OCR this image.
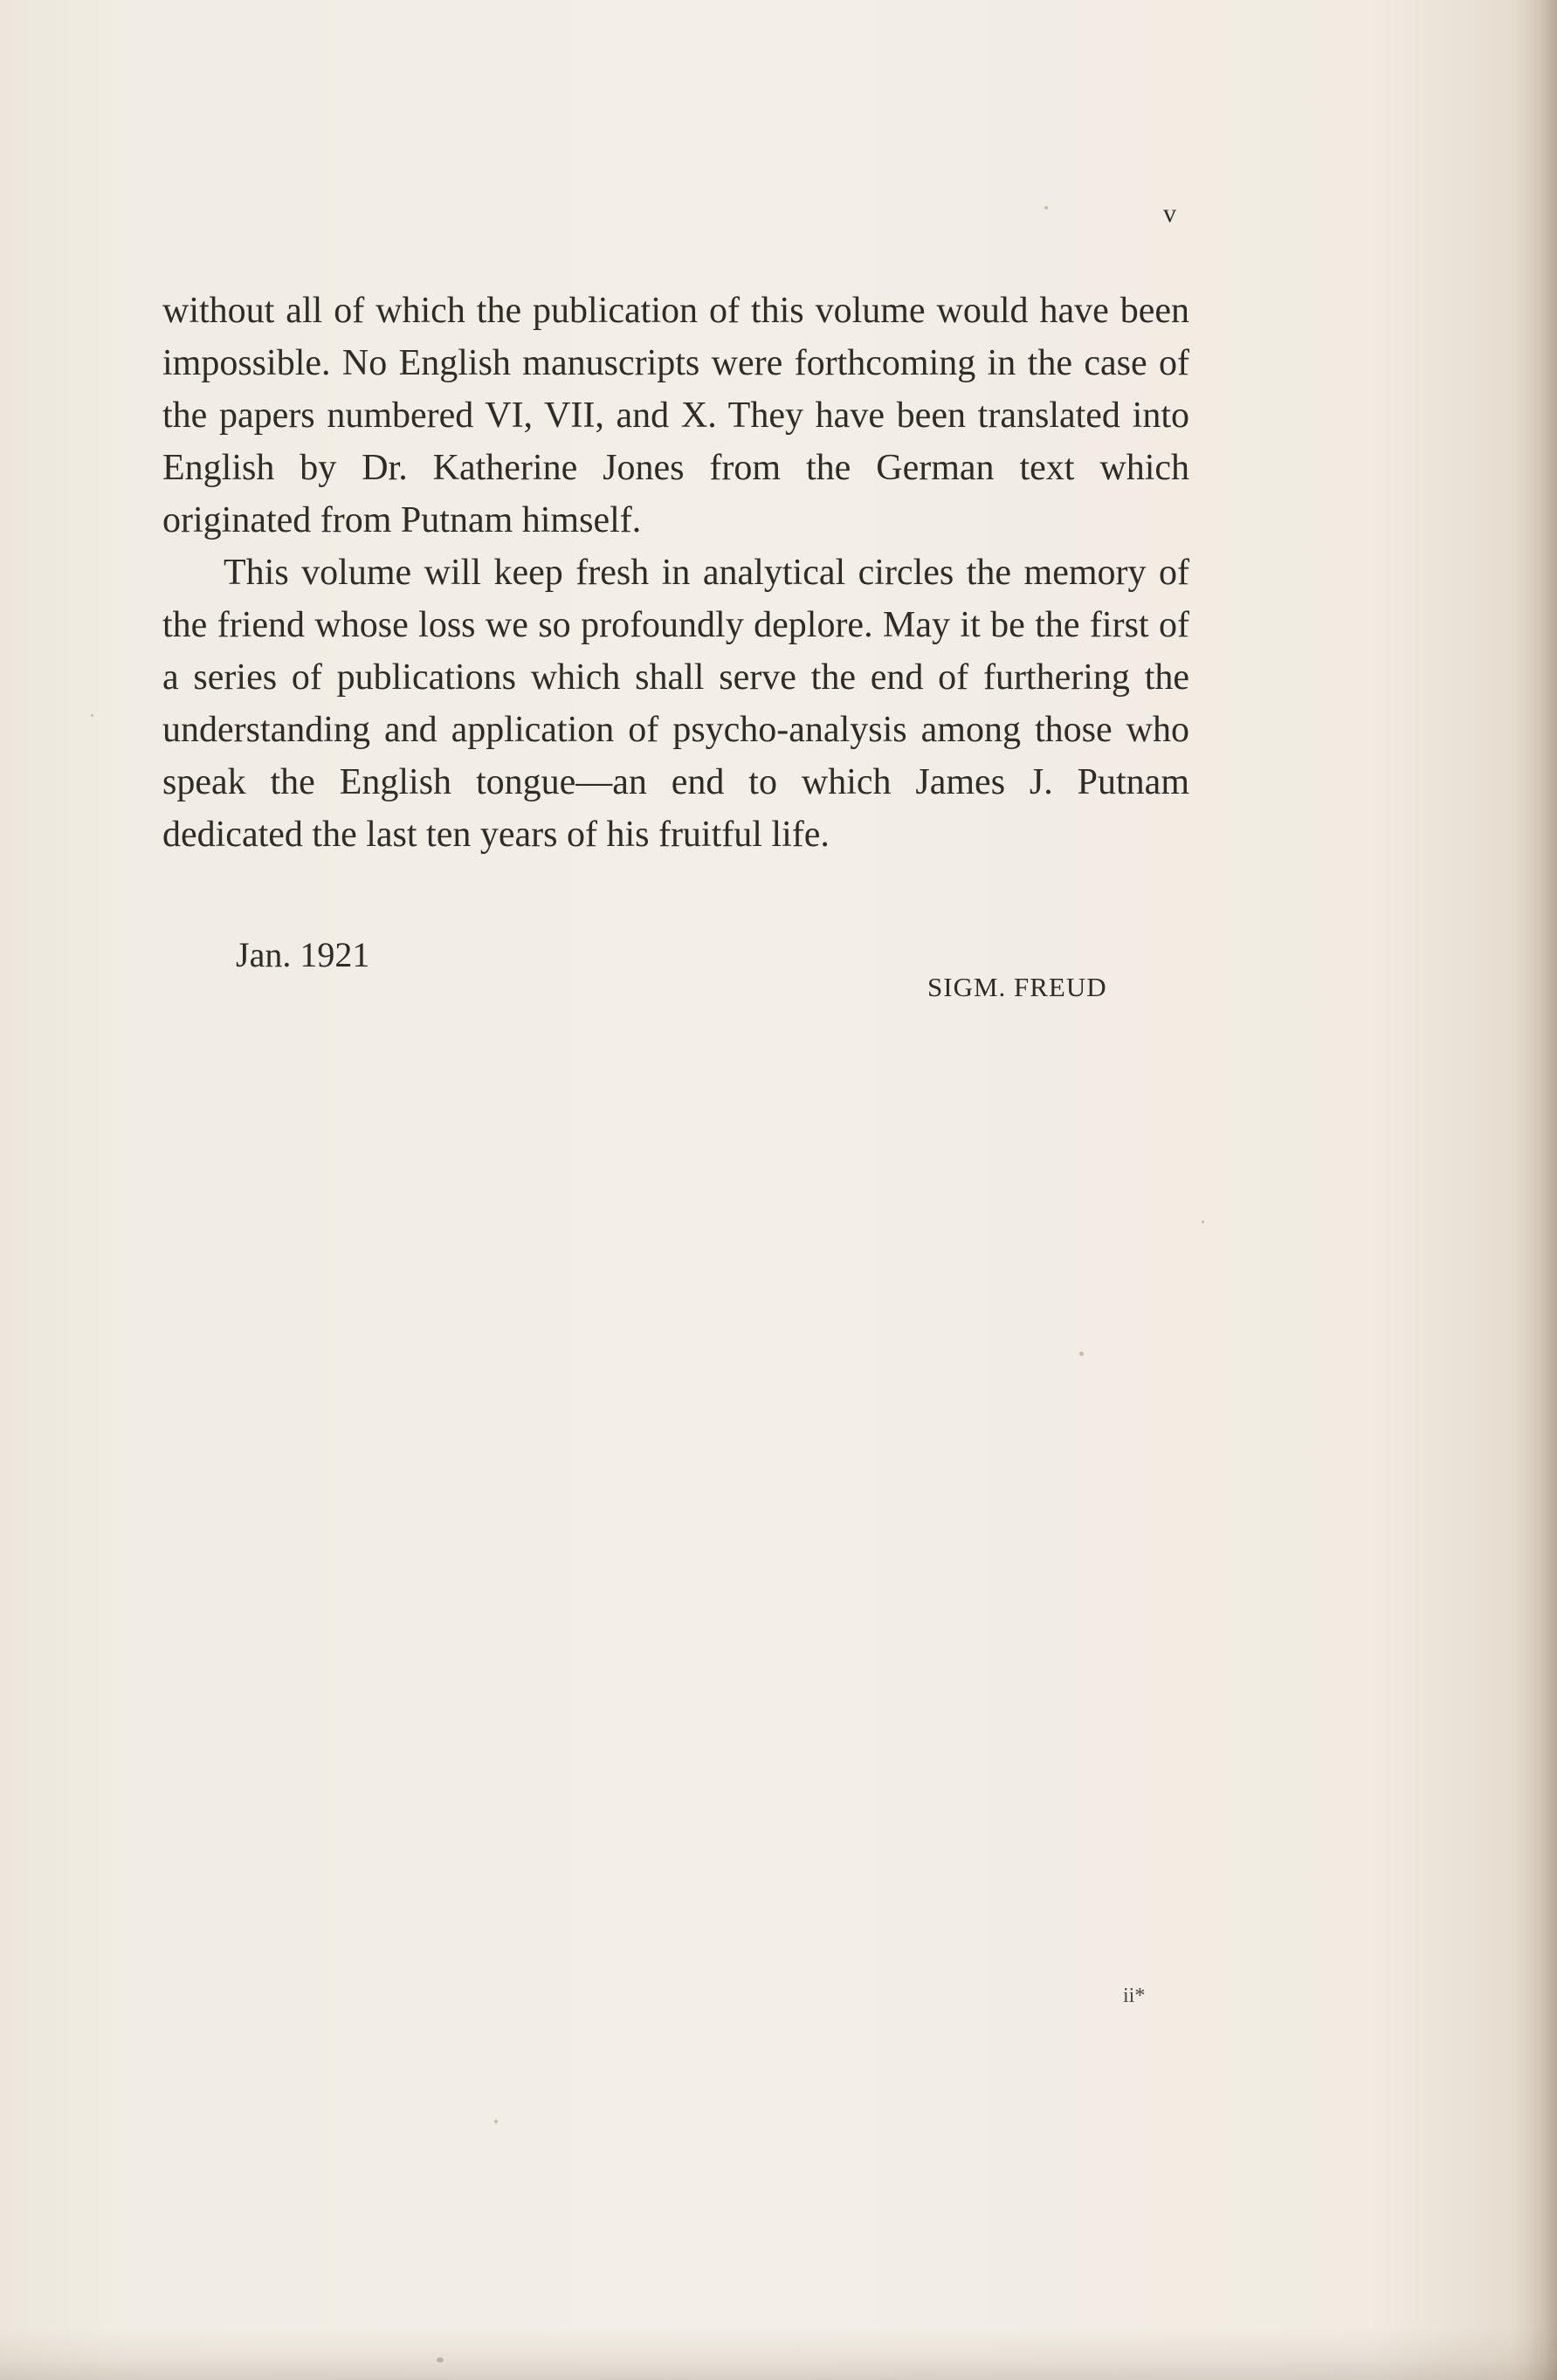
v

without all of which the publication of this volume would have been impossible. No English manuscripts were forthcoming in the case of the papers numbered VI, VII, and X. They have been translated into English by Dr. Katherine Jones from the German text which originated from Putnam himself.

This volume will keep fresh in analytical circles the memory of the friend whose loss we so profoundly deplore. May it be the first of a series of publications which shall serve the end of furthering the understanding and application of psycho-analysis among those who speak the English tongue—an end to which James J. Putnam dedicated the last ten years of his fruitful life.

Jan. 1921
SIGM. FREUD
ii*
